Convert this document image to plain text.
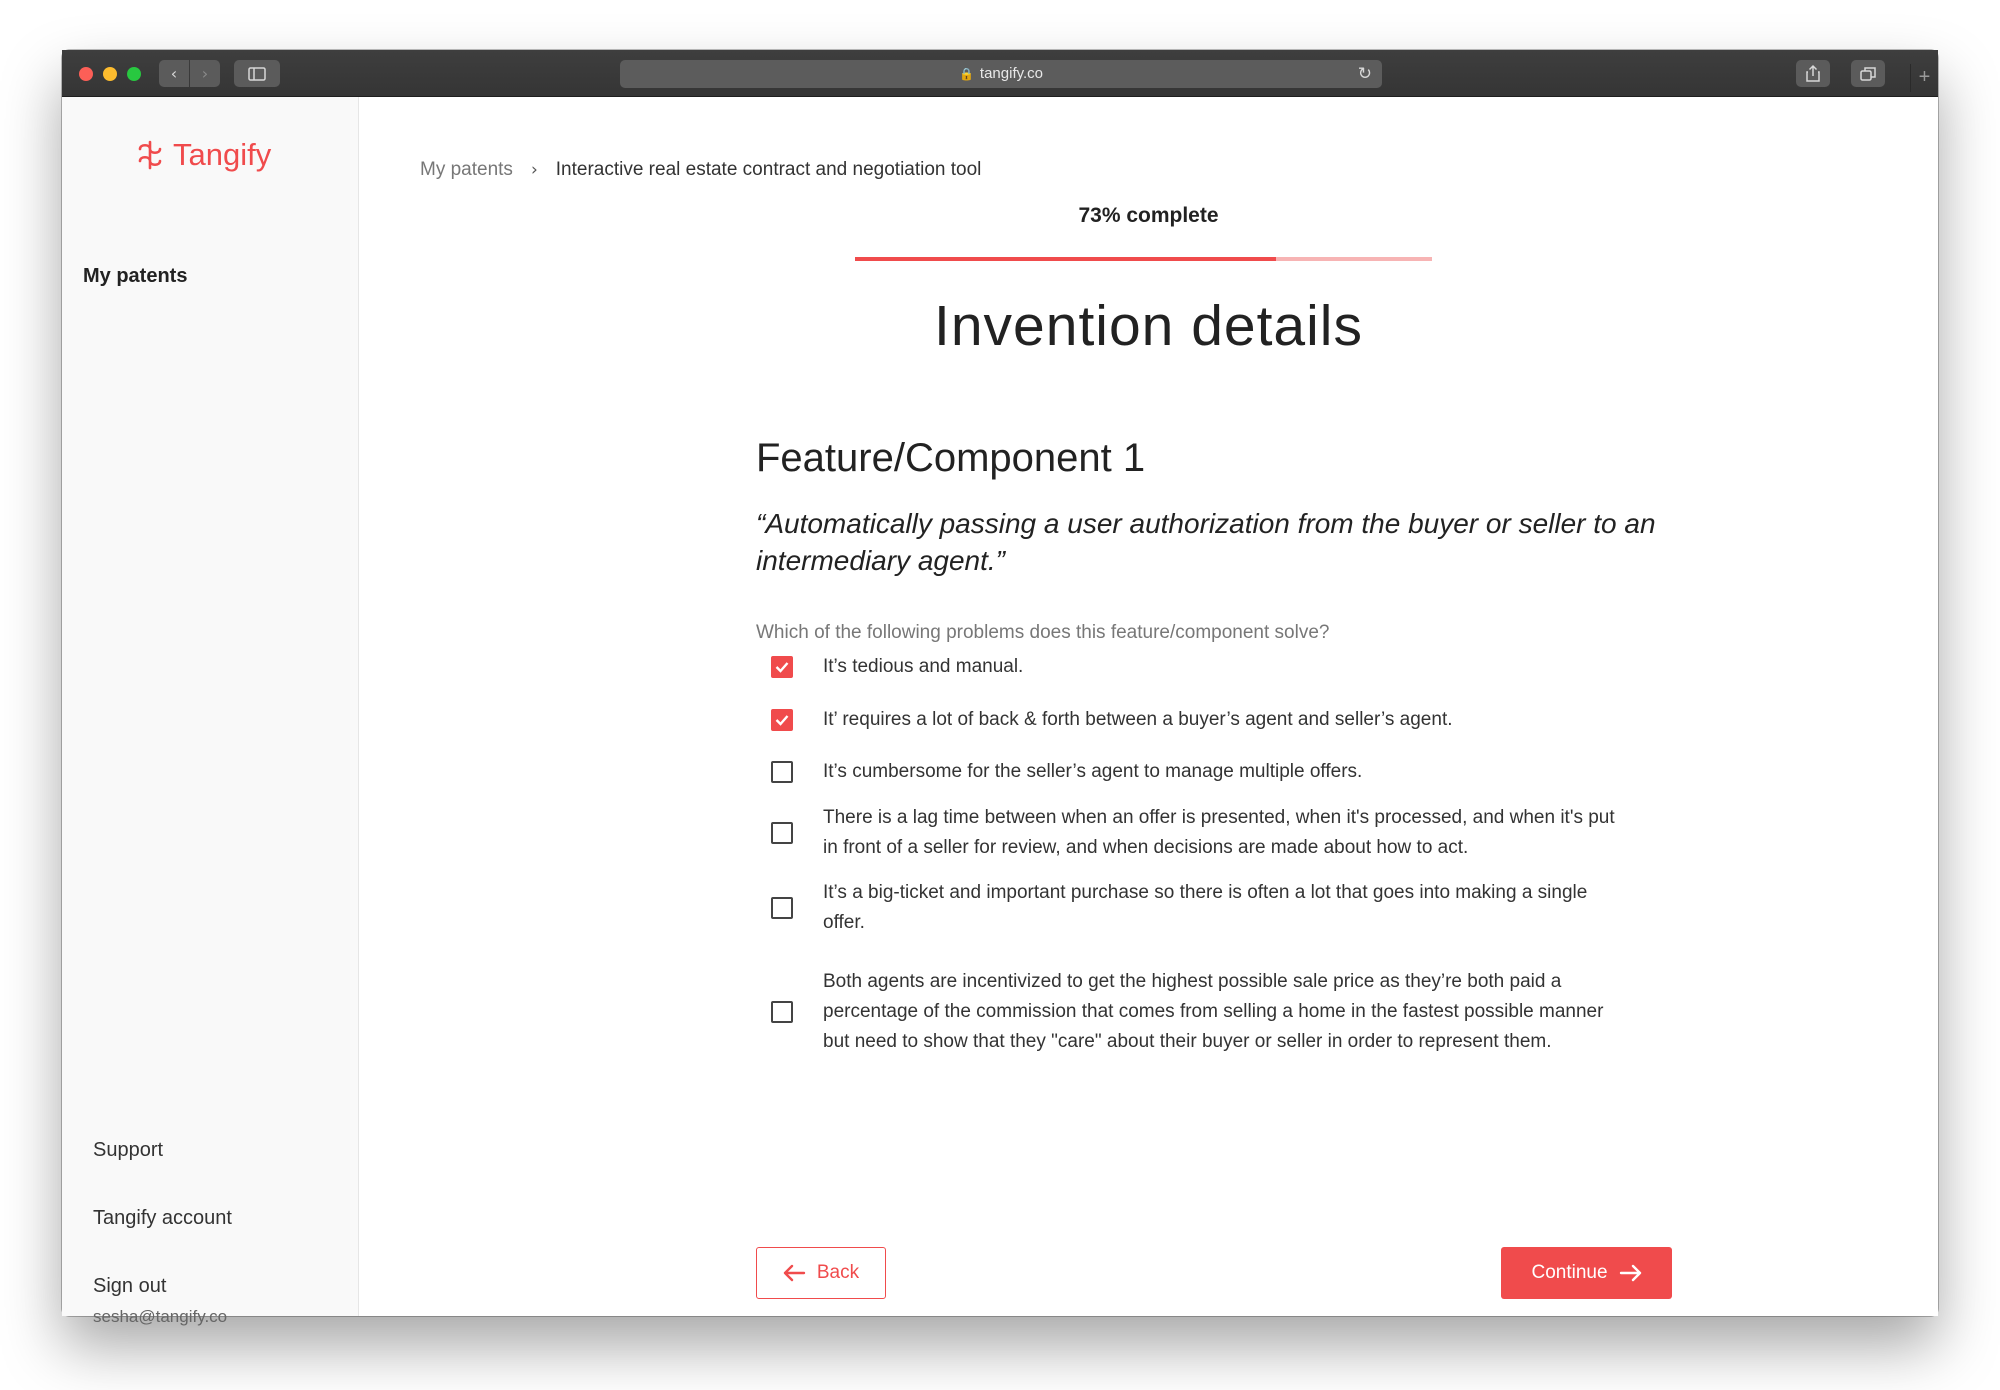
‹	›	🔒 tangify.co	↻	+
Tangify
My patents
Support
Tangify account
Sign out
sesha@tangify.co
My patents › Interactive real estate contract and negotiation tool
73% complete
Invention details
Feature/Component 1
“Automatically passing a user authorization from the buyer or seller to an intermediary agent.”
Which of the following problems does this feature/component solve?
It’s tedious and manual.
It’ requires a lot of back & forth between a buyer’s agent and seller’s agent.
It’s cumbersome for the seller’s agent to manage multiple offers.
There is a lag time between when an offer is presented, when it's processed, and when it's put in front of a seller for review, and when decisions are made about how to act.
It’s a big-ticket and important purchase so there is often a lot that goes into making a single offer.
Both agents are incentivized to get the highest possible sale price as they’re both paid a percentage of the commission that comes from selling a home in the fastest possible manner but need to show that they "care" about their buyer or seller in order to represent them.
Back	Continue
